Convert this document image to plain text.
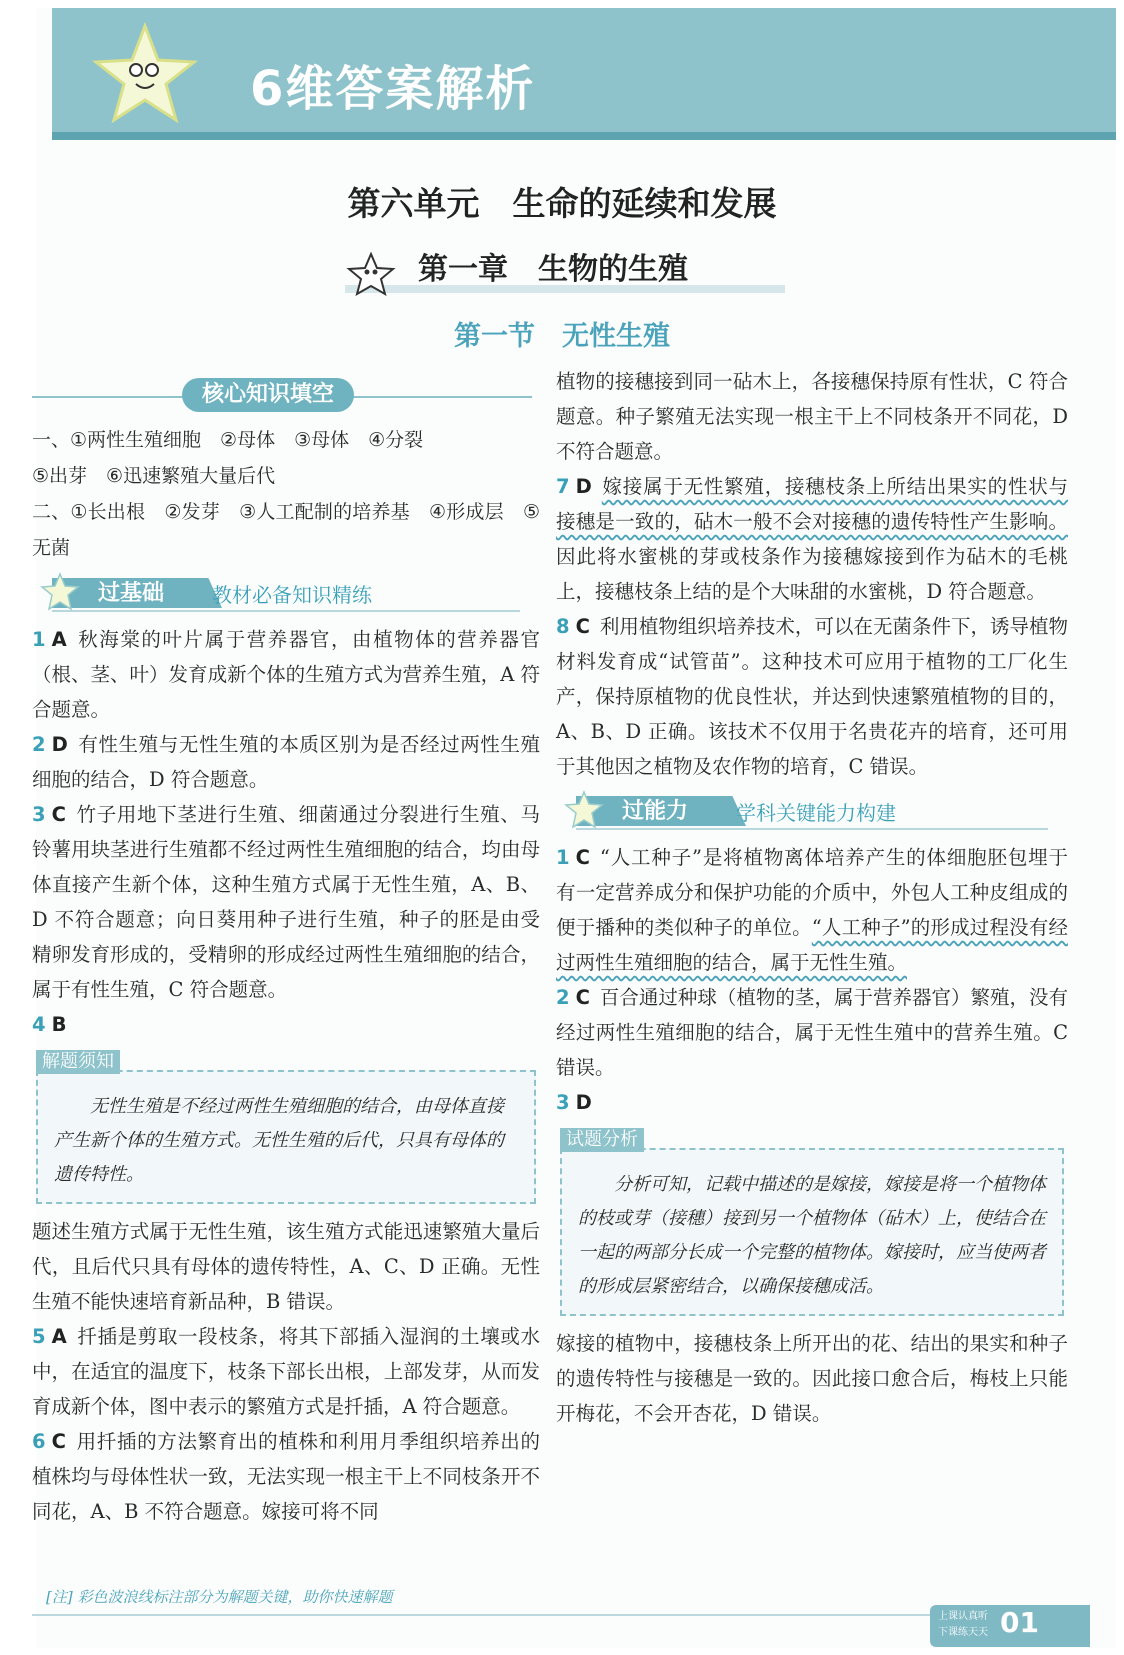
6维答案解析
第六单元　生命的延续和发展
第一章　生物的生殖
第一节　无性生殖
核心知识填空

一、①两性生殖细胞　②母体　③母体　④分裂

⑤出芽　⑥迅速繁殖大量后代

二、①长出根　②发芽　③人工配制的培养基　④形成层　⑤无菌

过基础 教材必备知识精练

1 A 秋海棠的叶片属于营养器官，由植物体的营养器官（根、茎、叶）发育成新个体的生殖方式为营养生殖，A 符合题意。

2 D 有性生殖与无性生殖的本质区别为是否经过两性生殖细胞的结合，D 符合题意。

3 C 竹子用地下茎进行生殖、细菌通过分裂进行生殖、马铃薯用块茎进行生殖都不经过两性生殖细胞的结合，均由母体直接产生新个体，这种生殖方式属于无性生殖，A、B、D 不符合题意；向日葵用种子进行生殖，种子的胚是由受精卵发育形成的，受精卵的形成经过两性生殖细胞的结合，属于有性生殖，C 符合题意。

4 B

解题须知

无性生殖是不经过两性生殖细胞的结合，由母体直接产生新个体的生殖方式。无性生殖的后代，只具有母体的遗传特性。

题述生殖方式属于无性生殖，该生殖方式能迅速繁殖大量后代，且后代只具有母体的遗传特性，A、C、D 正确。无性生殖不能快速培育新品种，B 错误。

5 A 扦插是剪取一段枝条，将其下部插入湿润的土壤或水中，在适宜的温度下，枝条下部长出根，上部发芽，从而发育成新个体，图中表示的繁殖方式是扦插，A 符合题意。

6 C 用扦插的方法繁育出的植株和利用月季组织培养出的植株均与母体性状一致，无法实现一根主干上不同枝条开不同花，A、B 不符合题意。嫁接可将不同

植物的接穗接到同一砧木上，各接穗保持原有性状，C 符合题意。种子繁殖无法实现一根主干上不同枝条开不同花，D 不符合题意。

7 D 嫁接属于无性繁殖，接穗枝条上所结出果实的性状与接穗是一致的，砧木一般不会对接穗的遗传特性产生影响。因此将水蜜桃的芽或枝条作为接穗嫁接到作为砧木的毛桃上，接穗枝条上结的是个大味甜的水蜜桃，D 符合题意。

8 C 利用植物组织培养技术，可以在无菌条件下，诱导植物材料发育成“试管苗”。这种技术可应用于植物的工厂化生产，保持原植物的优良性状，并达到快速繁殖植物的目的，A、B、D 正确。该技术不仅用于名贵花卉的培育，还可用于其他因之植物及农作物的培育，C 错误。

过能力 学科关键能力构建

1 C “人工种子”是将植物离体培养产生的体细胞胚包埋于有一定营养成分和保护功能的介质中，外包人工种皮组成的便于播种的类似种子的单位。“人工种子”的形成过程没有经过两性生殖细胞的结合，属于无性生殖。

2 C 百合通过种球（植物的茎，属于营养器官）繁殖，没有经过两性生殖细胞的结合，属于无性生殖中的营养生殖。C 错误。

3 D

试题分析

分析可知，记载中描述的是嫁接，嫁接是将一个植物体的枝或芽（接穗）接到另一个植物体（砧木）上，使结合在一起的两部分长成一个完整的植物体。嫁接时，应当使两者的形成层紧密结合，以确保接穗成活。

嫁接的植物中，接穗枝条上所开出的花、结出的果实和种子的遗传特性与接穗是一致的。因此接口愈合后，梅枝上只能开梅花，不会开杏花，D 错误。

[注] 彩色波浪线标注部分为解题关键，助你快速解题
上课认真听
下课练天天 01
